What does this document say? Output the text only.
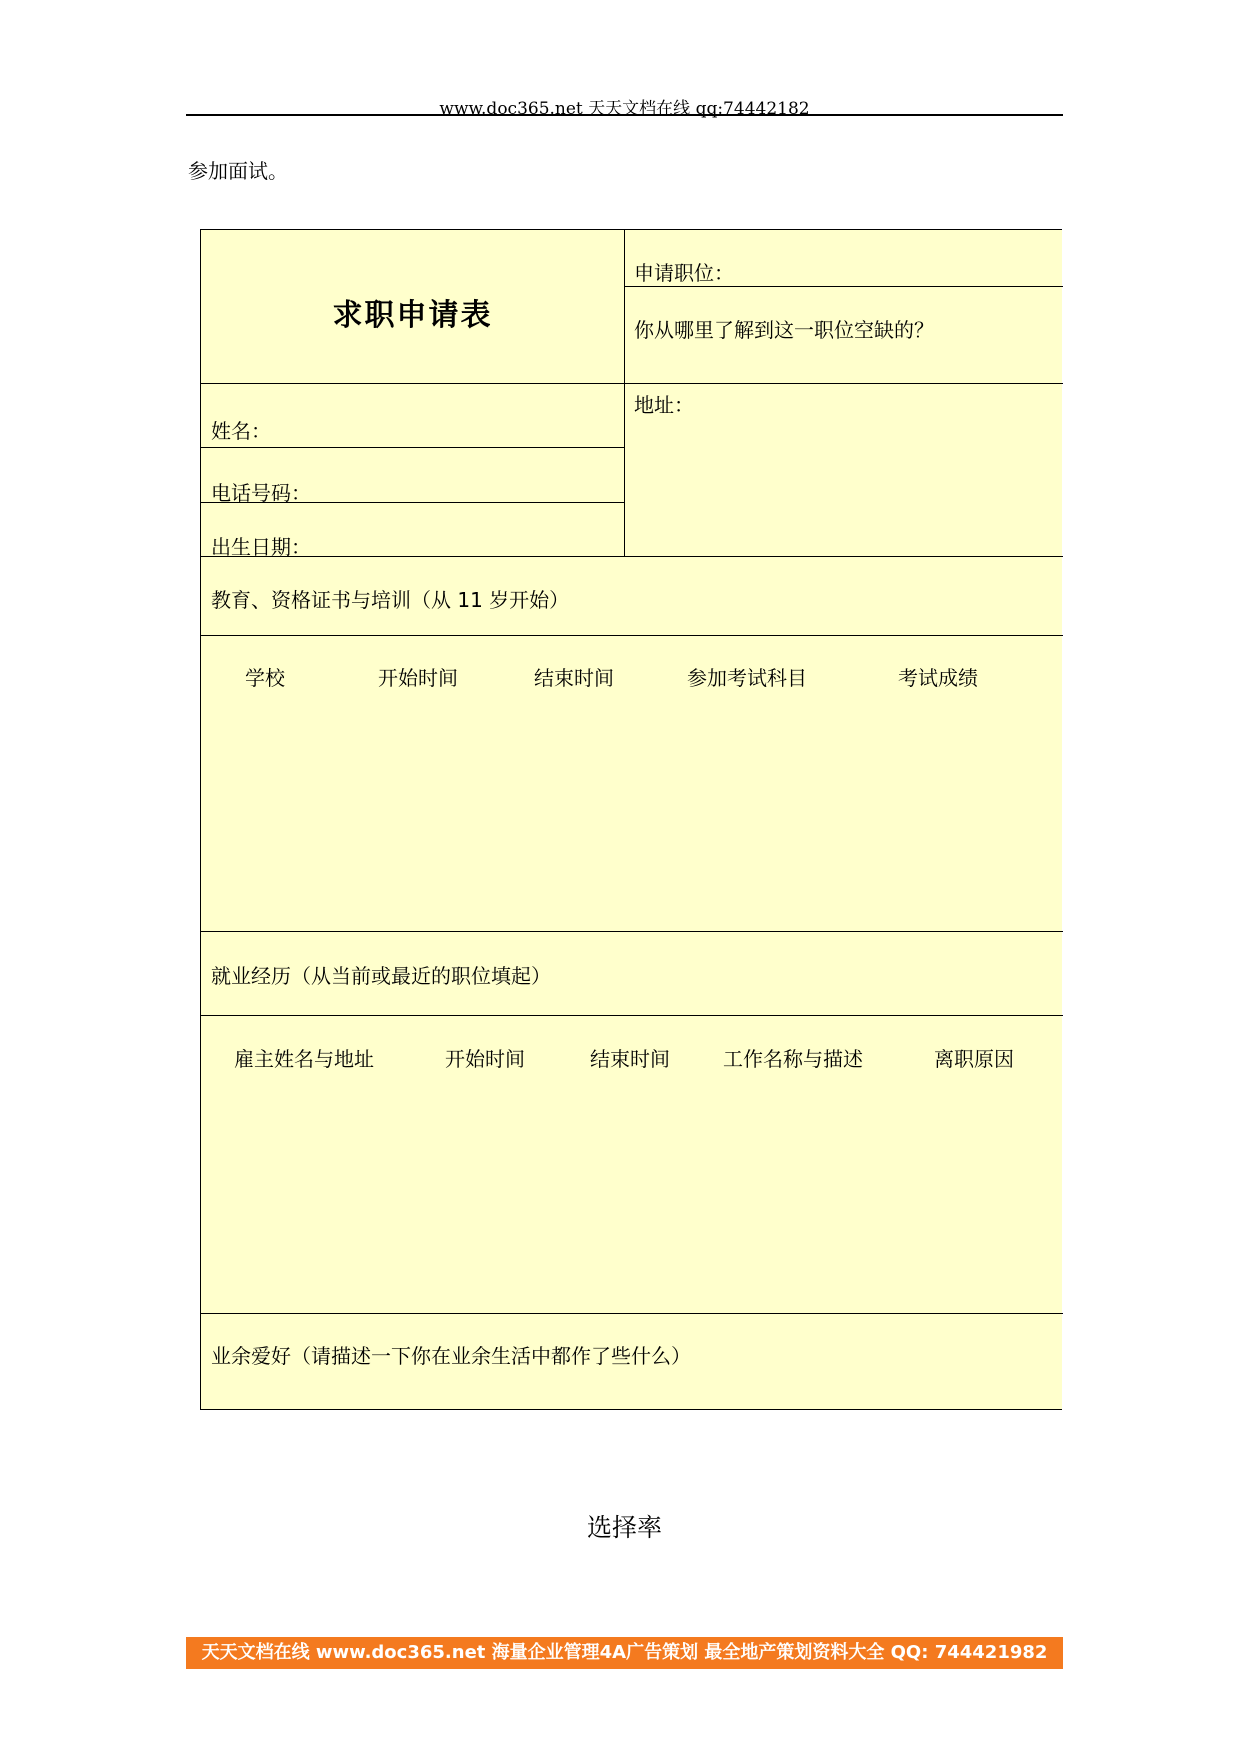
www.doc365.net 天天文档在线 qq:74442182
参加面试。
求职申请表
申请职位：
你从哪里了解到这一职位空缺的？
姓名：
地址：
电话号码：
出生日期：
教育、资格证书与培训（从 11 岁开始）
学校	开始时间	结束时间	参加考试科目	考试成绩
就业经历（从当前或最近的职位填起）
雇主姓名与地址	开始时间	结束时间	工作名称与描述	离职原因
业余爱好（请描述一下你在业余生活中都作了些什么）
选择率
天天文档在线 www.doc365.net 海量企业管理4A广告策划 最全地产策划资料大全 QQ: 744421982
